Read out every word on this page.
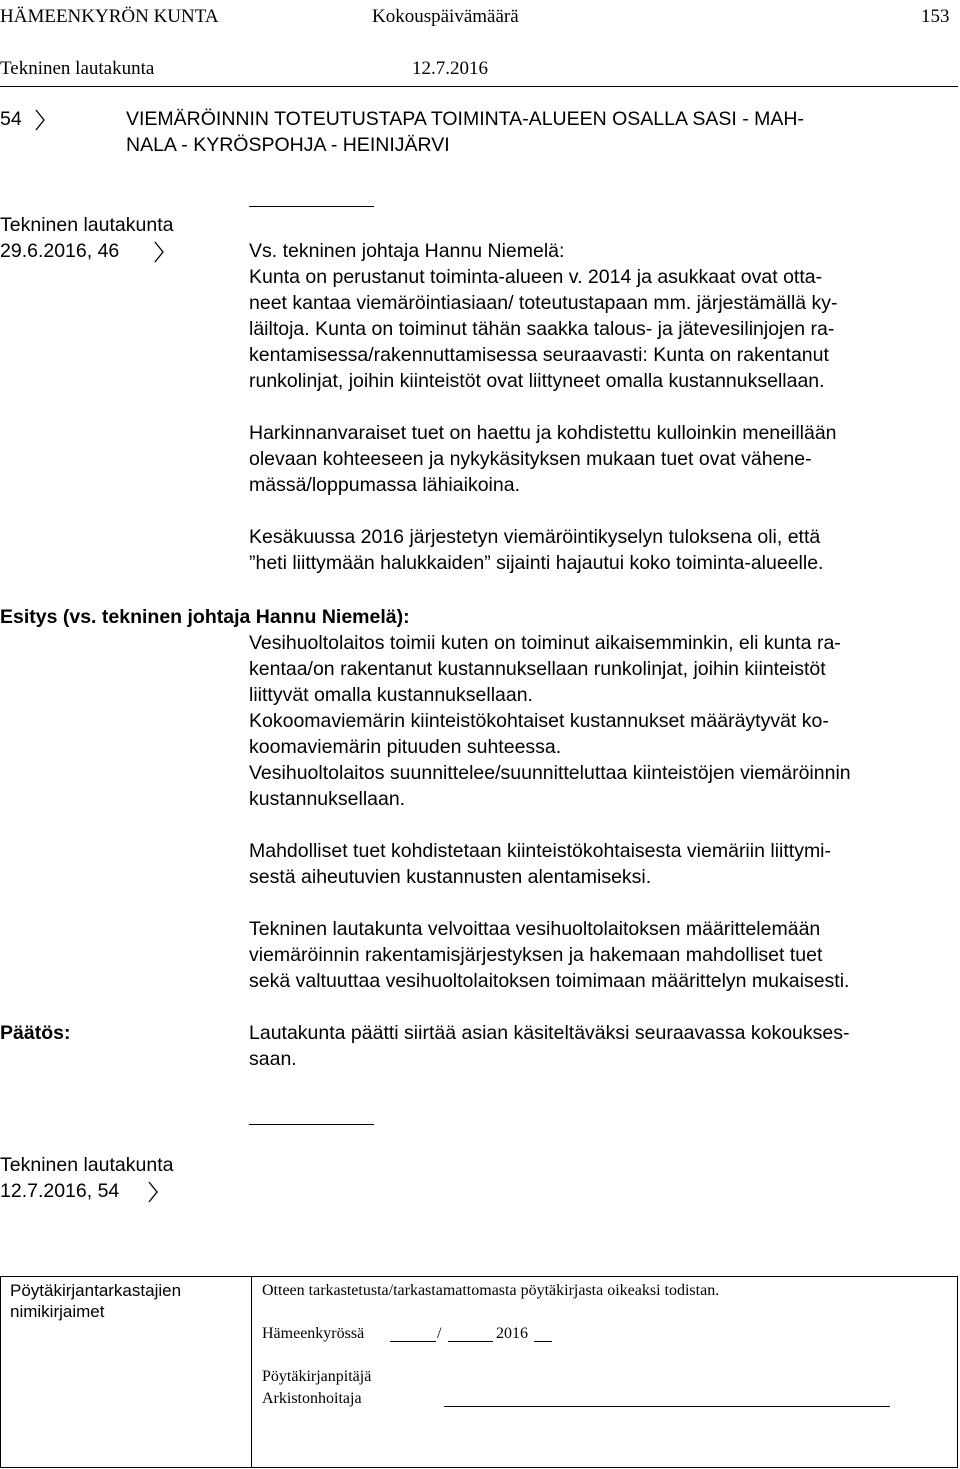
HÄMEENKYRÖN KUNTA	Kokouspäivämäärä	153
Tekninen lautakunta	12.7.2016
54	VIEMÄRÖINNIN TOTEUTUSTAPA TOIMINTA-ALUEEN OSALLA SASI - MAH-
NALA - KYRÖSPOHJA - HEINIJÄRVI
Tekninen lautakunta
29.6.2016, 46	Vs. tekninen johtaja Hannu Niemelä:
Kunta on perustanut toiminta-alueen v. 2014 ja asukkaat ovat otta-
neet kantaa viemäröintiasiaan/ toteutustapaan mm. järjestämällä ky-
läiltoja. Kunta on toiminut tähän saakka talous- ja jätevesilinjojen ra-
kentamisessa/rakennuttamisessa seuraavasti: Kunta on rakentanut
runkolinjat, joihin kiinteistöt ovat liittyneet omalla kustannuksellaan.
Harkinnanvaraiset tuet on haettu ja kohdistettu kulloinkin meneillään
olevaan kohteeseen ja nykykäsityksen mukaan tuet ovat vähene-
mässä/loppumassa lähiaikoina.
Kesäkuussa 2016 järjestetyn viemäröintikyselyn tuloksena oli, että
”heti liittymään halukkaiden” sijainti hajautui koko toiminta-alueelle.
Esitys (vs. tekninen johtaja Hannu Niemelä):
Vesihuoltolaitos toimii kuten on toiminut aikaisemminkin, eli kunta ra-
kentaa/on rakentanut kustannuksellaan runkolinjat, joihin kiinteistöt
liittyvät omalla kustannuksellaan.
Kokoomaviemärin kiinteistökohtaiset kustannukset määräytyvät ko-
koomaviemärin pituuden suhteessa.
Vesihuoltolaitos suunnittelee/suunnitteluttaa kiinteistöjen viemäröinnin
kustannuksellaan.
Mahdolliset tuet kohdistetaan kiinteistökohtaisesta viemäriin liittymi-
sestä aiheutuvien kustannusten alentamiseksi.
Tekninen lautakunta velvoittaa vesihuoltolaitoksen määrittelemään
viemäröinnin rakentamisjärjestyksen ja hakemaan mahdolliset tuet
sekä valtuuttaa vesihuoltolaitoksen toimimaan määrittelyn mukaisesti.
Päätös:	Lautakunta päätti siirtää asian käsiteltäväksi seuraavassa kokoukses-
saan.
Tekninen lautakunta
12.7.2016, 54
Pöytäkirjantarkastajien
nimikirjaimet
Otteen tarkastetusta/tarkastamattomasta pöytäkirjasta oikeaksi todistan.
Hämeenkyrössä	/	2016
Pöytäkirjanpitäjä
Arkistonhoitaja
